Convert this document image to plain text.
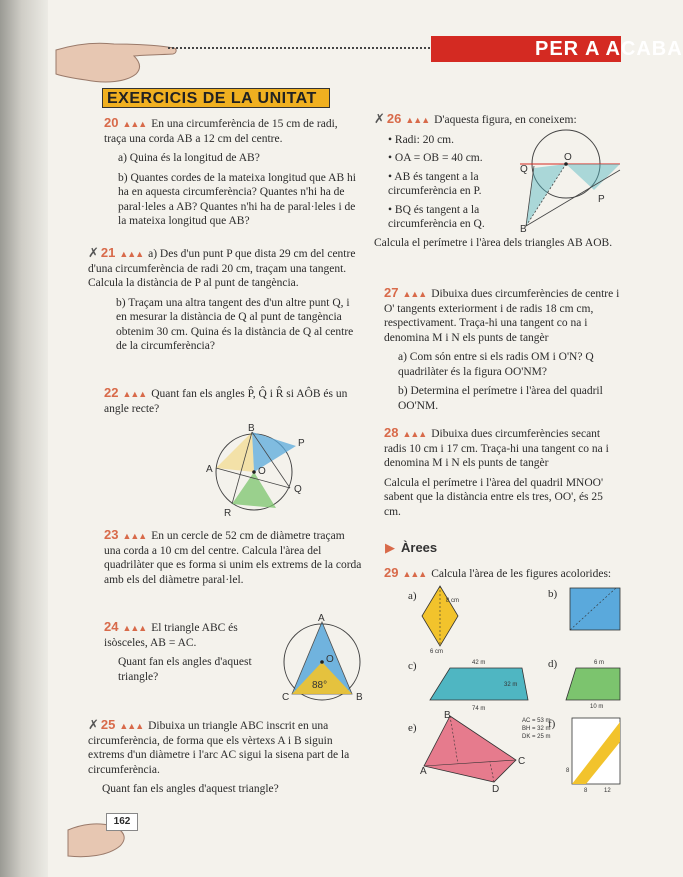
PER A ACABA
EXERCICIS DE LA UNITAT
20 ▲▲▲ En una circumferència de 15 cm de radi, traça una corda AB a 12 cm del centre.
a) Quina és la longitud de AB?
b) Quantes cordes de la mateixa longitud que AB hi ha en aquesta circumferència? Quantes n'hi ha de paral·leles a AB? Quantes n'hi ha de paral·leles i de la mateixa longitud que AB?
✗ 21 ▲▲▲ a) Des d'un punt P que dista 29 cm del centre d'una circumferència de radi 20 cm, traçam una tangent. Calcula la distància de P al punt de tangència.
b) Traçam una altra tangent des d'un altre punt Q, i en mesurar la distància de Q al punt de tangència obtenim 30 cm. Quina és la distància de Q al centre de la circumferència?
22 ▲▲▲ Quant fan els angles P̂, Q̂ i R̂ si AÔB és un angle recte?
B
P
A	O
Q
R
23 ▲▲▲ En un cercle de 52 cm de diàmetre traçam una corda a 10 cm del centre. Calcula l'àrea del quadrilàter que es forma si unim els extrems de la corda amb els del diàmetre paral·lel.
24 ▲▲▲ El triangle ABC és isòsceles, AB = AC.
Quant fan els angles d'aquest triangle?
A
O
C	B
88°
✗ 25 ▲▲▲ Dibuixa un triangle ABC inscrit en una circumferència, de forma que els vèrtexs A i B siguin extrems d'un diàmetre i l'arc AC sigui la sisena part de la circumferència.
Quant fan els angles d'aquest triangle?
162
✗ 26 ▲▲▲ D'aquesta figura, en coneixem:
• Radi: 20 cm.
• OA = OB = 40 cm.
• AB és tangent a la circumferència en P.
• BQ és tangent a la circumferència en Q.
Calcula el perímetre i l'àrea dels triangles AB AOB.
O
Q
P
B
27 ▲▲▲ Dibuixa dues circumferències de centre i O' tangents exteriorment i de radis 18 cm cm, respectivament. Traça-hi una tangent co na i denomina M i N els punts de tangèr
a) Com són entre si els radis OM i O'N? Q quadrilàter és la figura OO'NM?
b) Determina el perímetre i l'àrea del quadril OO'NM.
28 ▲▲▲ Dibuixa dues circumferències secant radis 10 cm i 17 cm. Traça-hi una tangent co na i denomina M i N els punts de tangèr
Calcula el perímetre i l'àrea del quadril MNOO' sabent que la distància entre els tres, OO', és 25 cm.
▶ Àrees
29 ▲▲▲ Calcula l'àrea de les figures acolorides:
a)	b)
c)	d)
e)	f)
8 cm
6 cm
42 m
32 m
74 m
6 m
10 m
B
A
C
D
AC = 53 m
BH = 32 m
DK = 25 m
8
8	12
